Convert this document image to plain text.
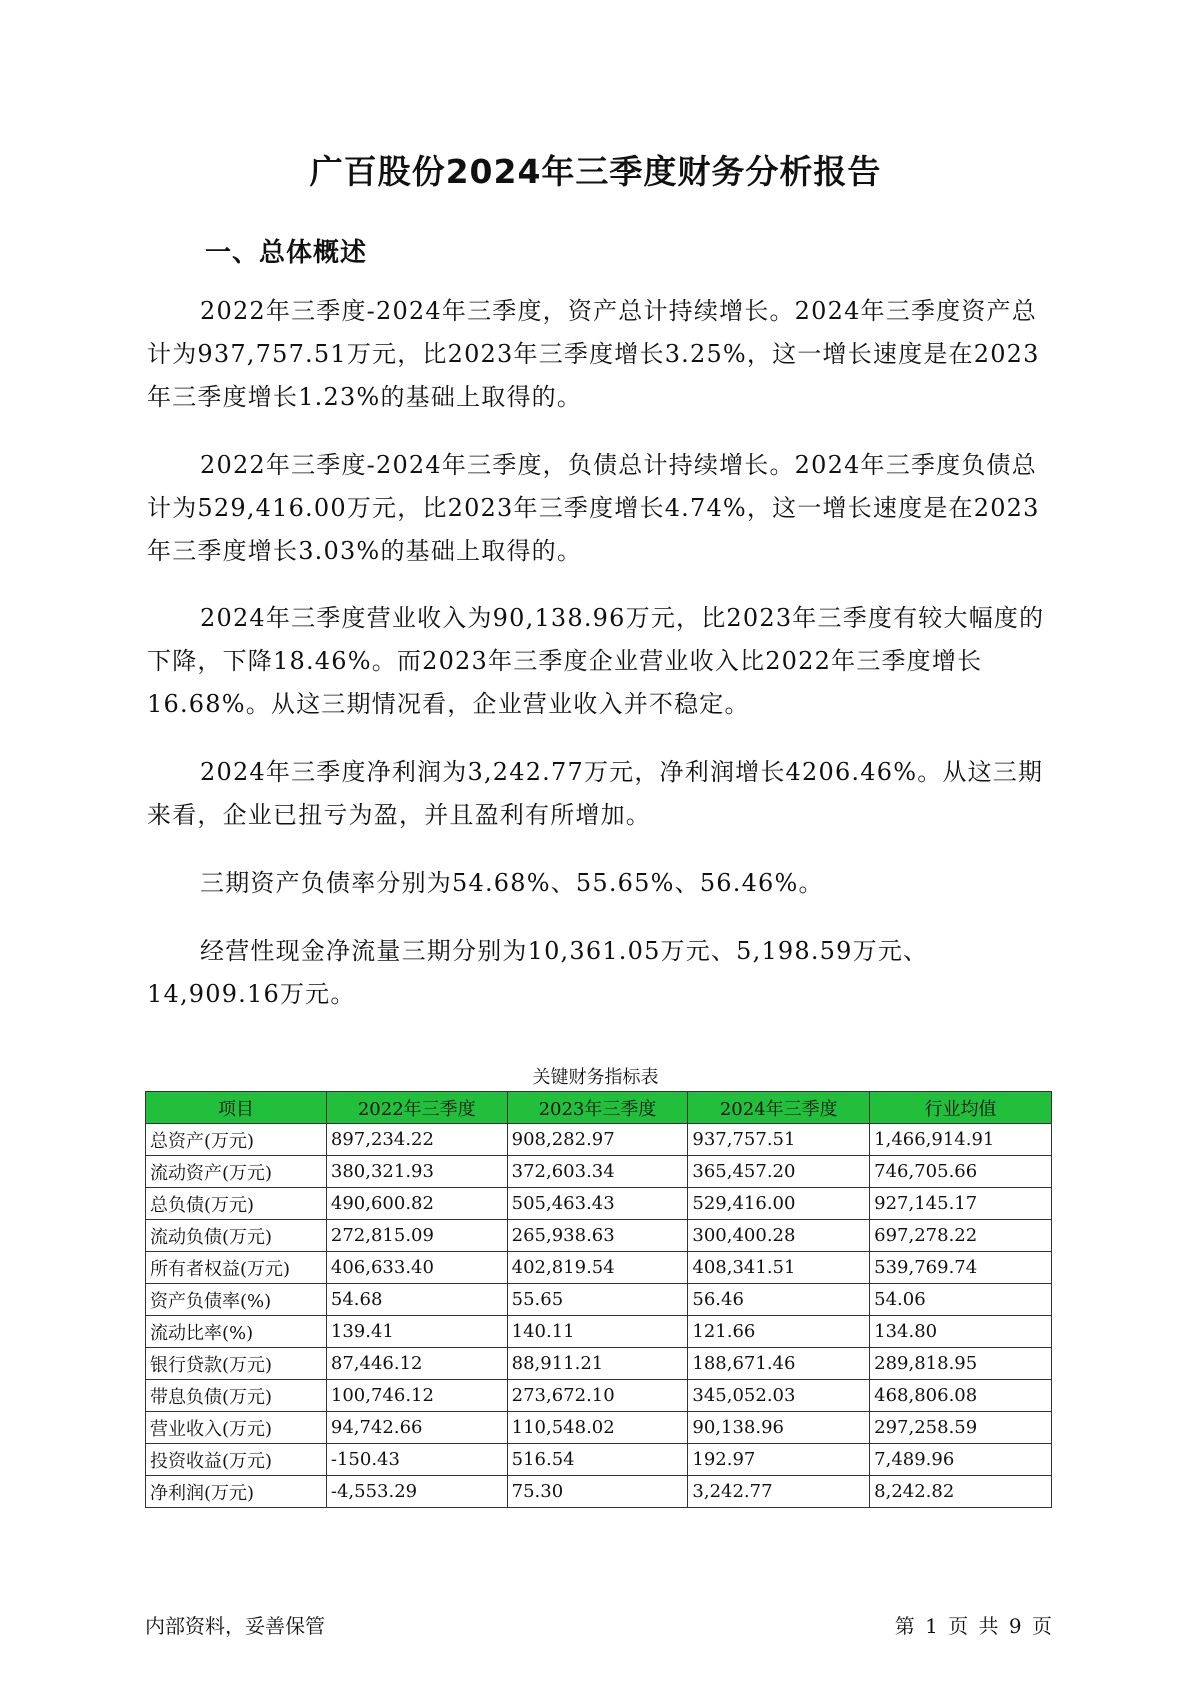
广百股份2024年三季度财务分析报告
一、总体概述

2022年三季度-2024年三季度，资产总计持续增长。2024年三季度资产总计为937,757.51万元，比2023年三季度增长3.25%，这一增长速度是在2023年三季度增长1.23%的基础上取得的。

2022年三季度-2024年三季度，负债总计持续增长。2024年三季度负债总计为529,416.00万元，比2023年三季度增长4.74%，这一增长速度是在2023年三季度增长3.03%的基础上取得的。

2024年三季度营业收入为90,138.96万元，比2023年三季度有较大幅度的下降，下降18.46%。而2023年三季度企业营业收入比2022年三季度增长16.68%。从这三期情况看，企业营业收入并不稳定。

2024年三季度净利润为3,242.77万元，净利润增长4206.46%。从这三期来看，企业已扭亏为盈，并且盈利有所增加。

三期资产负债率分别为54.68%、55.65%、56.46%。

经营性现金净流量三期分别为10,361.05万元、5,198.59万元、14,909.16万元。

关键财务指标表
项目	2022年三季度	2023年三季度	2024年三季度	行业均值
总资产(万元)	897,234.22	908,282.97	937,757.51	1,466,914.91
流动资产(万元)	380,321.93	372,603.34	365,457.20	746,705.66
总负债(万元)	490,600.82	505,463.43	529,416.00	927,145.17
流动负债(万元)	272,815.09	265,938.63	300,400.28	697,278.22
所有者权益(万元)	406,633.40	402,819.54	408,341.51	539,769.74
资产负债率(%)	54.68	55.65	56.46	54.06
流动比率(%)	139.41	140.11	121.66	134.80
银行贷款(万元)	87,446.12	88,911.21	188,671.46	289,818.95
带息负债(万元)	100,746.12	273,672.10	345,052.03	468,806.08
营业收入(万元)	94,742.66	110,548.02	90,138.96	297,258.59
投资收益(万元)	-150.43	516.54	192.97	7,489.96
净利润(万元)	-4,553.29	75.30	3,242.77	8,242.82
内部资料，妥善保管	第 1 页 共 9 页
